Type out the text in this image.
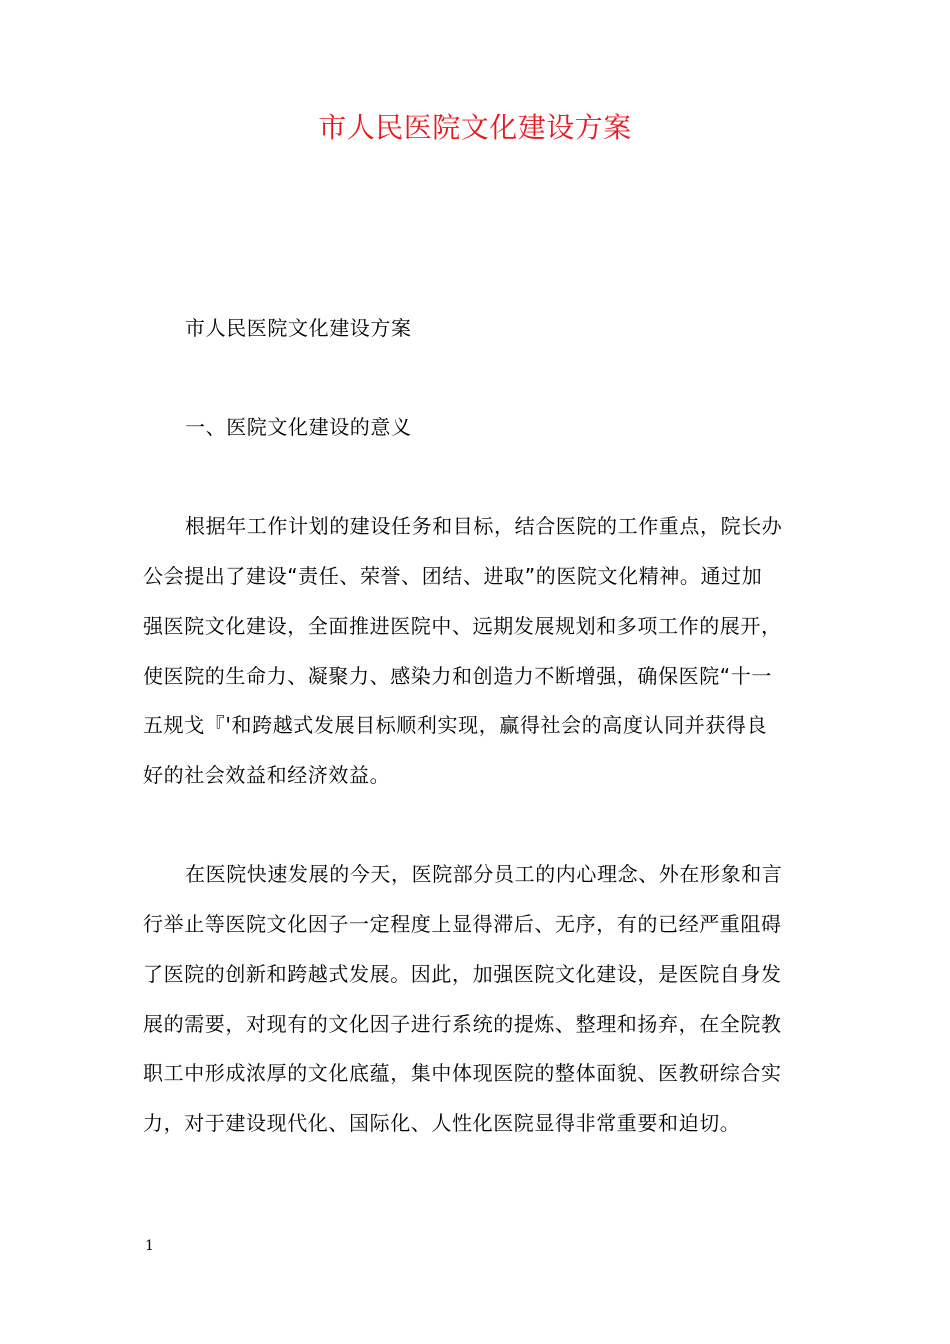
市人民医院文化建设方案
市人民医院文化建设方案
一、医院文化建设的意义
根据年工作计划的建设任务和目标，结合医院的工作重点，院长办
公会提出了建设“责任、荣誉、团结、进取”的医院文化精神。通过加
强医院文化建设，全面推进医院中、远期发展规划和多项工作的展开，
使医院的生命力、凝聚力、感染力和创造力不断增强，确保医院“十一
五规戈『'和跨越式发展目标顺利实现，赢得社会的高度认同并获得良
好的社会效益和经济效益。
在医院快速发展的今天，医院部分员工的内心理念、外在形象和言
行举止等医院文化因子一定程度上显得滞后、无序，有的已经严重阻碍
了医院的创新和跨越式发展。因此，加强医院文化建设，是医院自身发
展的需要，对现有的文化因子进行系统的提炼、整理和扬弃，在全院教
职工中形成浓厚的文化底蕴，集中体现医院的整体面貌、医教研综合实
力，对于建设现代化、国际化、人性化医院显得非常重要和迫切。
1
